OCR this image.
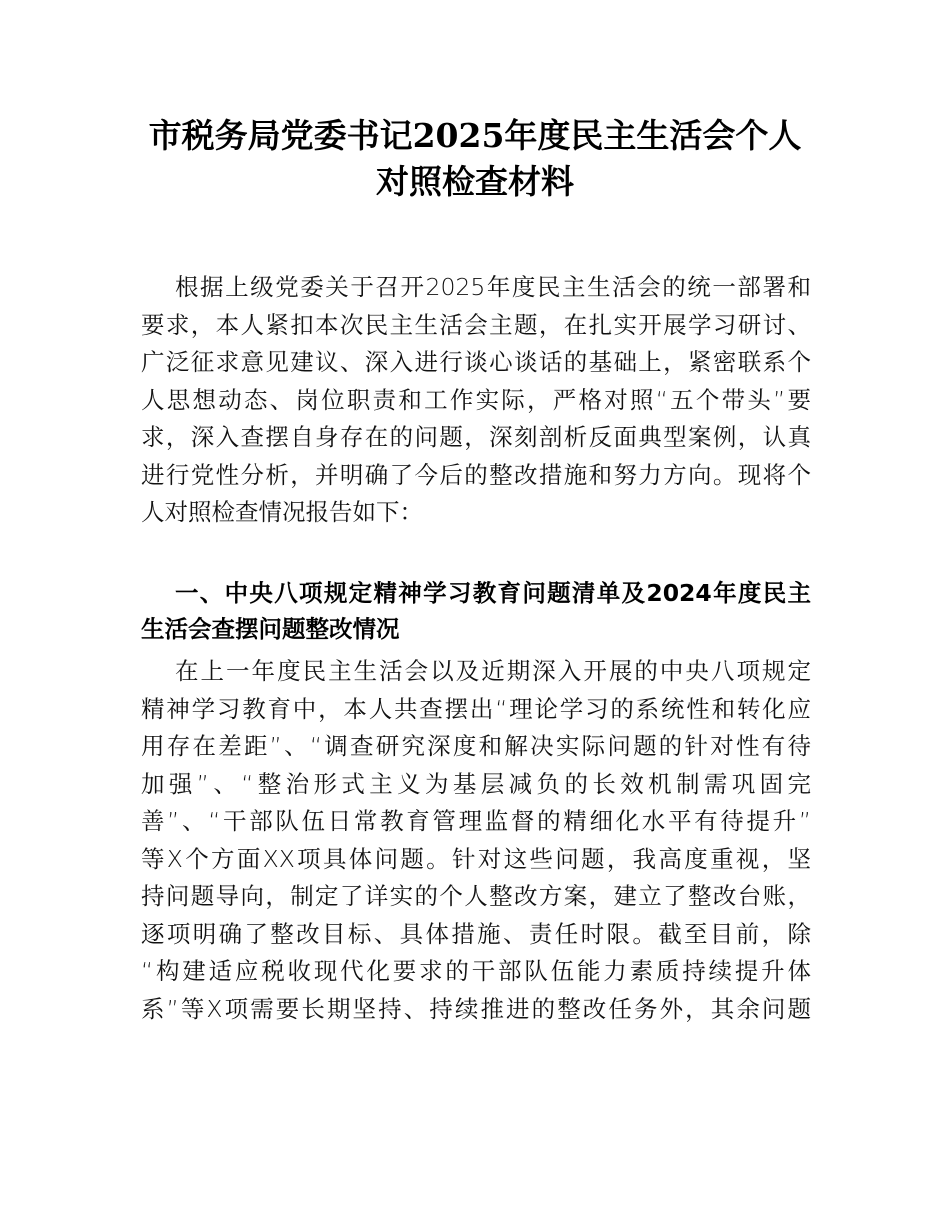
市税务局党委书记2025年度民主生活会个人
对照检查材料
根据上级党委关于召开2025年度民主生活会的统一部署和
要求，本人紧扣本次民主生活会主题，在扎实开展学习研讨、
广泛征求意见建议、深入进行谈心谈话的基础上，紧密联系个
人思想动态、岗位职责和工作实际，严格对照“五个带头”要
求，深入查摆自身存在的问题，深刻剖析反面典型案例，认真
进行党性分析，并明确了今后的整改措施和努力方向。现将个
人对照检查情况报告如下：
一、中央八项规定精神学习教育问题清单及2024年度民主
生活会查摆问题整改情况
在上一年度民主生活会以及近期深入开展的中央八项规定
精神学习教育中，本人共查摆出“理论学习的系统性和转化应
用存在差距”、“调查研究深度和解决实际问题的针对性有待
加强”、“整治形式主义为基层减负的长效机制需巩固完
善”、“干部队伍日常教育管理监督的精细化水平有待提升”
等X个方面XX项具体问题。针对这些问题，我高度重视，坚
持问题导向，制定了详实的个人整改方案，建立了整改台账，
逐项明确了整改目标、具体措施、责任时限。截至目前，除
“构建适应税收现代化要求的干部队伍能力素质持续提升体
系”等X项需要长期坚持、持续推进的整改任务外，其余问题
